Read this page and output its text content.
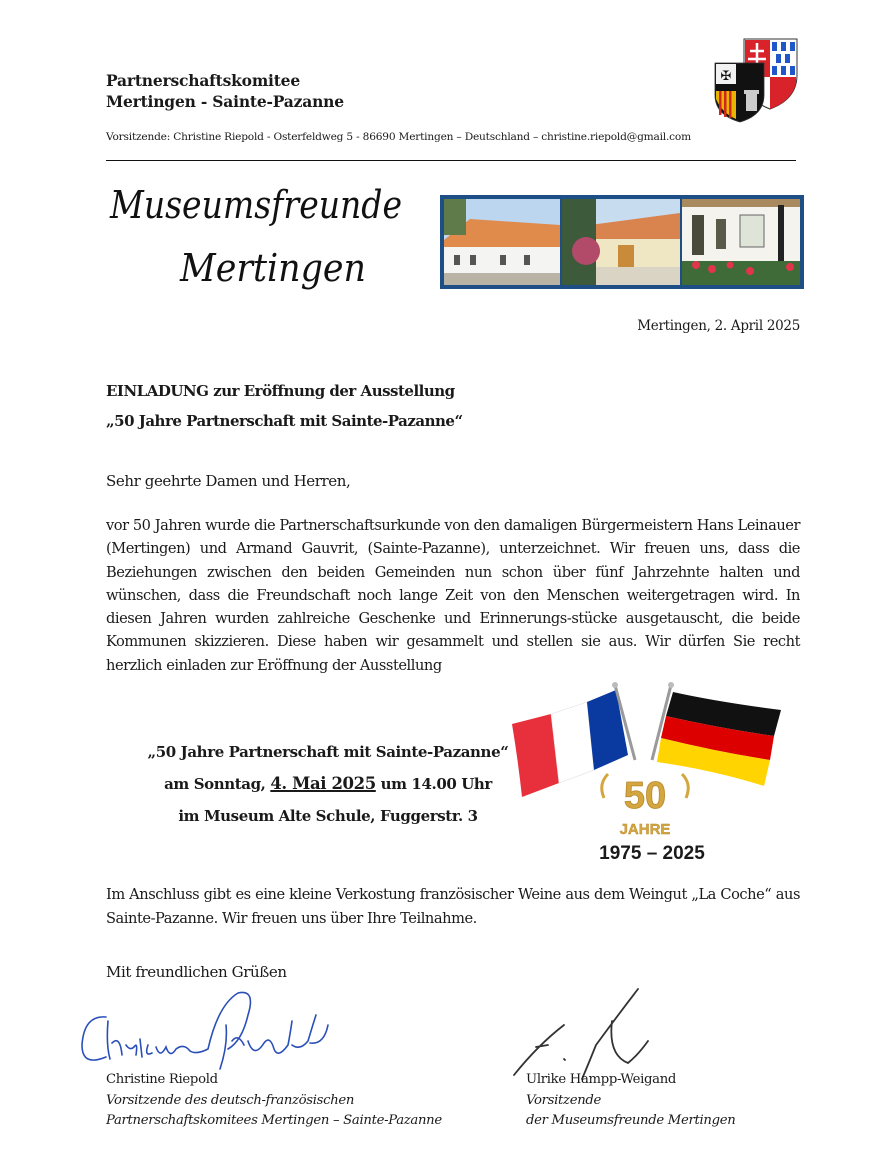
Partnerschaftskomitee
Mertingen - Sainte-Pazanne
Vorsitzende: Christine Riepold - Osterfeldweg 5 - 86690 Mertingen – Deutschland – christine.riepold@gmail.com
✠
Museumsfreunde
Mertingen
Mertingen, 2. April 2025
EINLADUNG zur Eröffnung der Ausstellung
„50 Jahre Partnerschaft mit Sainte-Pazanne“
Sehr geehrte Damen und Herren,
vor 50 Jahren wurde die Partnerschaftsurkunde von den damaligen Bürgermeistern Hans Leinauer (Mertingen) und Armand Gauvrit, (Sainte-Pazanne), unterzeichnet. Wir freuen uns, dass die Beziehungen zwischen den beiden Gemeinden nun schon über fünf Jahrzehnte halten und wünschen, dass die Freundschaft noch lange Zeit von den Menschen weitergetragen wird. In diesen Jahren wurden zahlreiche Geschenke und Erinnerungs-stücke ausgetauscht, die beide Kommunen skizzieren. Diese haben wir gesammelt und stellen sie aus. Wir dürfen Sie recht herzlich einladen zur Eröffnung der Ausstellung
„50 Jahre Partnerschaft mit Sainte-Pazanne“
am Sonntag, 4. Mai 2025 um 14.00 Uhr
im Museum Alte Schule, Fuggerstr. 3	50
JAHRE
1975 – 2025
Im Anschluss gibt es eine kleine Verkostung französischer Weine aus dem Weingut „La Coche“ aus Sainte-Pazanne. Wir freuen uns über Ihre Teilnahme.
Mit freundlichen Grüßen
Christine Riepold
Vorsitzende des deutsch-französischen
Partnerschaftskomitees Mertingen – Sainte-Pazanne
Ulrike Hampp-Weigand
Vorsitzende
der Museumsfreunde Mertingen
